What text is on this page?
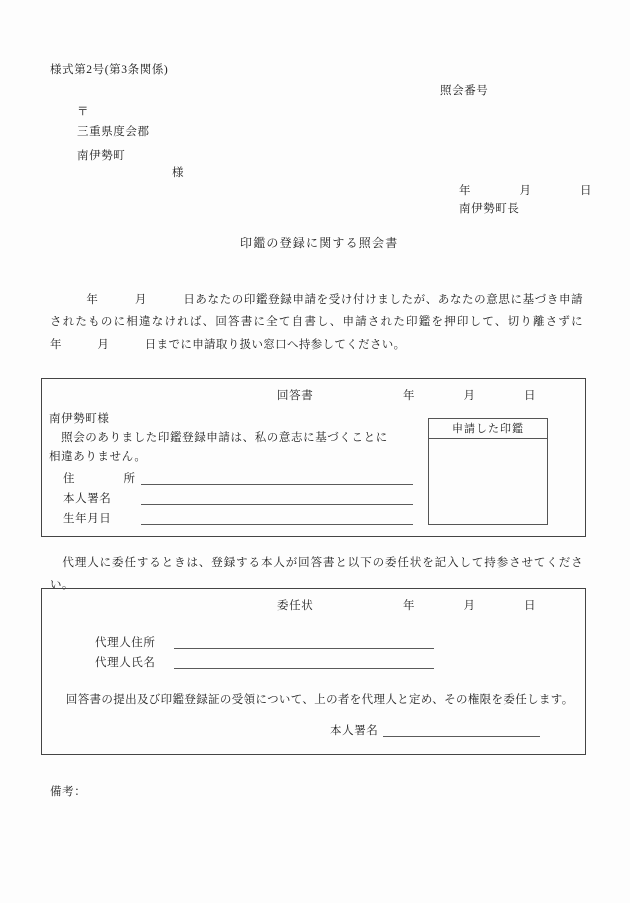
様式第2号(第3条関係)
照会番号
〒
三重県度会郡
南伊勢町
様
年　　　　月　　　　日
南伊勢町長
印鑑の登録に関する照会書
　　　年　　　月　　　日あなたの印鑑登録申請を受け付けましたが、あなたの意思に基づき申請されたものに相違なければ、回答書に全て自書し、申請された印鑑を押印して、切り離さずに　　　年　　　月　　　日までに申請取り扱い窓口へ持参してください。
回答書	年　　　　月　　　　日
南伊勢町様
　照会のありました印鑑登録申請は、私の意志に基づくことに
相違ありません。
住　　　　所
本人署名
生年月日
申請した印鑑
　代理人に委任するときは、登録する本人が回答書と以下の委任状を記入して持参させてください。
委任状	年　　　　月　　　　日
代理人住所
代理人氏名
　回答書の提出及び印鑑登録証の受領について、上の者を代理人と定め、その権限を委任します。
本人署名
備考：
